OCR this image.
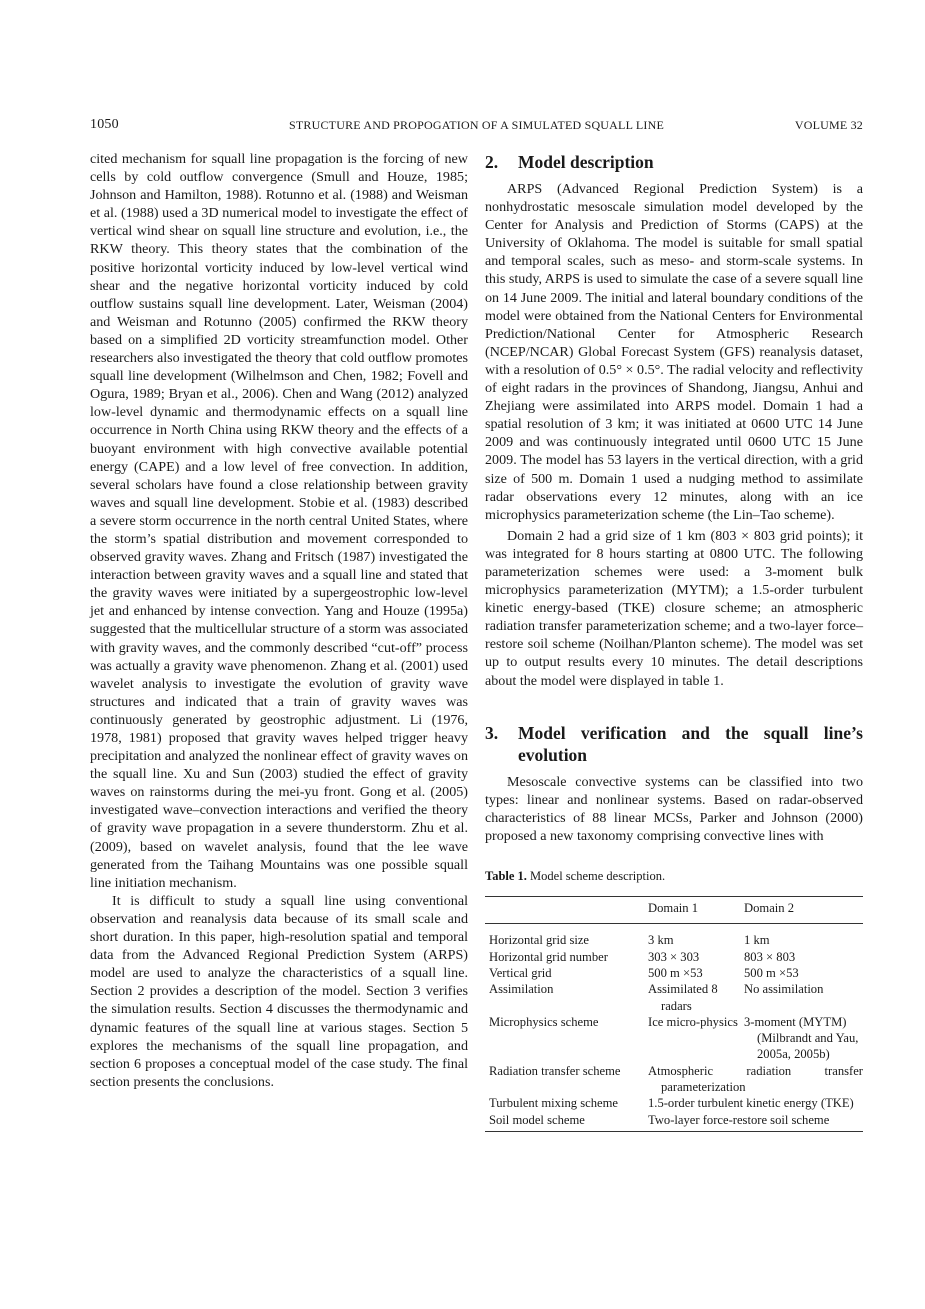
1050	STRUCTURE AND PROPOGATION OF A SIMULATED SQUALL LINE	VOLUME 32

cited mechanism for squall line propagation is the forcing of new cells by cold outflow convergence (Smull and Houze, 1985; Johnson and Hamilton, 1988). Rotunno et al. (1988) and Weisman et al. (1988) used a 3D numerical model to investigate the effect of vertical wind shear on squall line structure and evolution, i.e., the RKW theory. This theory states that the combination of the positive horizontal vorticity induced by low-level vertical wind shear and the negative horizontal vorticity induced by cold outflow sustains squall line development. Later, Weisman (2004) and Weisman and Rotunno (2005) confirmed the RKW theory based on a simplified 2D vorticity streamfunction model. Other researchers also investigated the theory that cold outflow promotes squall line development (Wilhelmson and Chen, 1982; Fovell and Ogura, 1989; Bryan et al., 2006). Chen and Wang (2012) analyzed low-level dynamic and thermodynamic effects on a squall line occurrence in North China using RKW theory and the effects of a buoyant environment with high convective available potential energy (CAPE) and a low level of free convection. In addition, several scholars have found a close relationship between gravity waves and squall line development. Stobie et al. (1983) described a severe storm occurrence in the north central United States, where the storm’s spatial distribution and movement corresponded to observed gravity waves. Zhang and Fritsch (1987) investigated the interaction between gravity waves and a squall line and stated that the gravity waves were initiated by a supergeostrophic low-level jet and enhanced by intense convection. Yang and Houze (1995a) suggested that the multicellular structure of a storm was associated with gravity waves, and the commonly described “cut-off” process was actually a gravity wave phenomenon. Zhang et al. (2001) used wavelet analysis to investigate the evolution of gravity wave structures and indicated that a train of gravity waves was continuously generated by geostrophic adjustment. Li (1976, 1978, 1981) proposed that gravity waves helped trigger heavy precipitation and analyzed the nonlinear effect of gravity waves on the squall line. Xu and Sun (2003) studied the effect of gravity waves on rainstorms during the mei-yu front. Gong et al. (2005) investigated wave–convection interactions and verified the theory of gravity wave propagation in a severe thunderstorm. Zhu et al. (2009), based on wavelet analysis, found that the lee wave generated from the Taihang Mountains was one possible squall line initiation mechanism.

It is difficult to study a squall line using conventional observation and reanalysis data because of its small scale and short duration. In this paper, high-resolution spatial and temporal data from the Advanced Regional Prediction System (ARPS) model are used to analyze the characteristics of a squall line. Section 2 provides a description of the model. Section 3 verifies the simulation results. Section 4 discusses the thermodynamic and dynamic features of the squall line at various stages. Section 5 explores the mechanisms of the squall line propagation, and section 6 proposes a conceptual model of the case study. The final section presents the conclusions.

2.	Model description

ARPS (Advanced Regional Prediction System) is a nonhydrostatic mesoscale simulation model developed by the Center for Analysis and Prediction of Storms (CAPS) at the University of Oklahoma. The model is suitable for small spatial and temporal scales, such as meso- and storm-scale systems. In this study, ARPS is used to simulate the case of a severe squall line on 14 June 2009. The initial and lateral boundary conditions of the model were obtained from the National Centers for Environmental Prediction/National Center for Atmospheric Research (NCEP/NCAR) Global Forecast System (GFS) reanalysis dataset, with a resolution of 0.5° × 0.5°. The radial velocity and reflectivity of eight radars in the provinces of Shandong, Jiangsu, Anhui and Zhejiang were assimilated into ARPS model. Domain 1 had a spatial resolution of 3 km; it was initiated at 0600 UTC 14 June 2009 and was continuously integrated until 0600 UTC 15 June 2009. The model has 53 layers in the vertical direction, with a grid size of 500 m. Domain 1 used a nudging method to assimilate radar observations every 12 minutes, along with an ice microphysics parameterization scheme (the Lin–Tao scheme).

Domain 2 had a grid size of 1 km (803 × 803 grid points); it was integrated for 8 hours starting at 0800 UTC. The following parameterization schemes were used: a 3-moment bulk microphysics parameterization (MYTM); a 1.5-order turbulent kinetic energy-based (TKE) closure scheme; an atmospheric radiation transfer parameterization scheme; and a two-layer force–restore soil scheme (Noilhan/Planton scheme). The model was set up to output results every 10 minutes. The detail descriptions about the model were displayed in table 1.

3.	Model verification and the squall line’s evolution

Mesoscale convective systems can be classified into two types: linear and nonlinear systems. Based on radar-observed characteristics of 88 linear MCSs, Parker and Johnson (2000) proposed a new taxonomy comprising convective lines with

Table 1. Model scheme description.
	Domain 1	Domain 2
Horizontal grid size	3 km	1 km
Horizontal grid number	303 × 303	803 × 803
Vertical grid	500 m ×53	500 m ×53
Assimilation	Assimilated 8 radars	No assimilation
Microphysics scheme	Ice micro-physics	3-moment (MYTM) (Milbrandt and Yau, 2005a, 2005b)
Radiation transfer scheme	Atmospheric radiation transfer parameterization	
Turbulent mixing scheme	1.5-order turbulent kinetic energy (TKE)	
Soil model scheme	Two-layer force-restore soil scheme	
